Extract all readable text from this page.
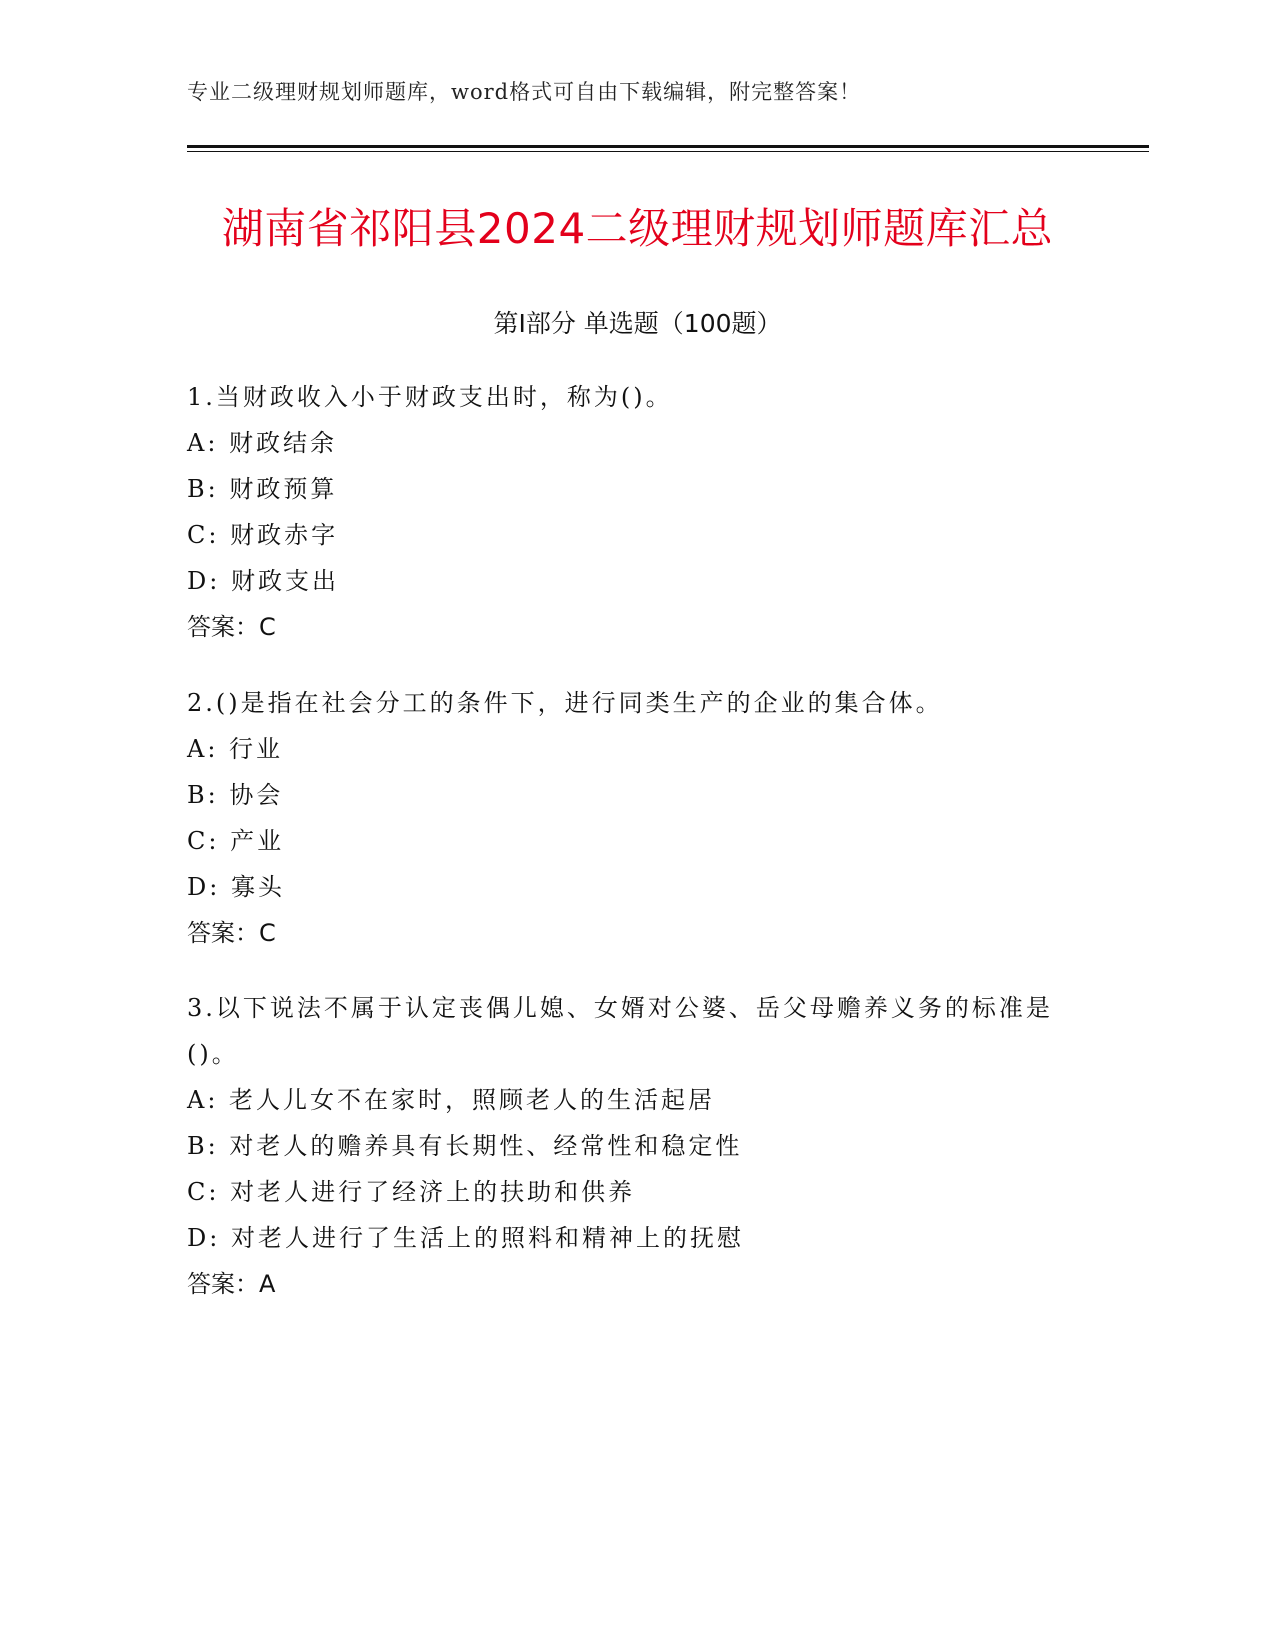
专业二级理财规划师题库，word格式可自由下载编辑，附完整答案！
湖南省祁阳县2024二级理财规划师题库汇总
第Ⅰ部分 单选题（100题）

1.当财政收入小于财政支出时，称为()。

A: 财政结余

B: 财政预算

C: 财政赤字

D: 财政支出

答案：C

2.()是指在社会分工的条件下，进行同类生产的企业的集合体。

A: 行业

B: 协会

C: 产业

D: 寡头

答案：C

3.以下说法不属于认定丧偶儿媳、女婿对公婆、岳父母赡养义务的标准是()。

A: 老人儿女不在家时，照顾老人的生活起居

B: 对老人的赡养具有长期性、经常性和稳定性

C: 对老人进行了经济上的扶助和供养

D: 对老人进行了生活上的照料和精神上的抚慰

答案：A
